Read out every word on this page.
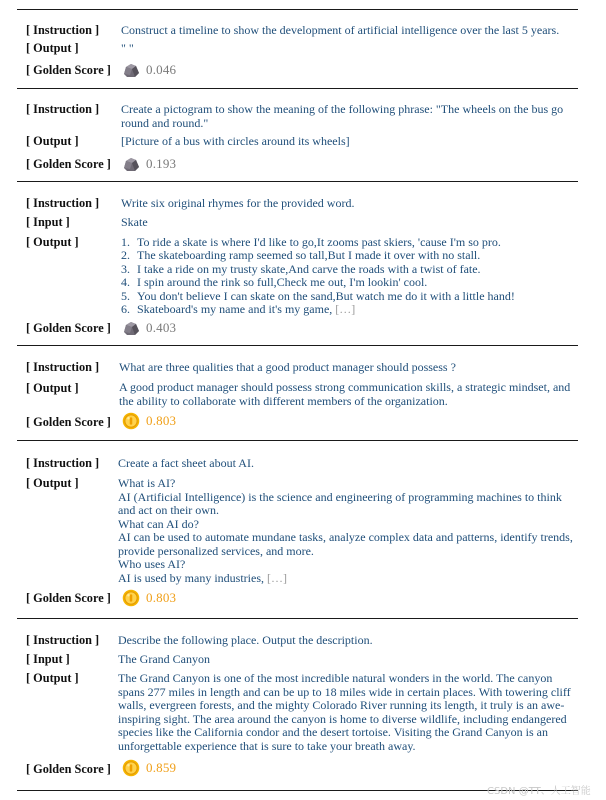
[ Instruction ] Construct a timeline to show the development of artificial intelligence over the last 5 years.
[ Output ]	" "
[ Golden Score ]	0.046
[ Instruction ] Create a pictogram to show the meaning of the following phrase: "The wheels on the bus go round and round."
[ Output ]	[Picture of a bus with circles around its wheels]
[ Golden Score ]	0.193
[ Instruction ] Write six original rhymes for the provided word.
[ Input ]	Skate
[ Output ]	1. To ride a skate is where I'd like to go,It zooms past skiers, 'cause I'm so pro.
2. The skateboarding ramp seemed so tall,But I made it over with no stall.
3. I take a ride on my trusty skate,And carve the roads with a twist of fate.
4. I spin around the rink so full,Check me out, I'm lookin' cool.
5. You don't believe I can skate on the sand,But watch me do it with a little hand!
6. Skateboard's my name and it's my game, […]
[ Golden Score ]	0.403
[ Instruction ] What are three qualities that a good product manager should possess ?
[ Output ]	A good product manager should possess strong communication skills, a strategic mindset, and the ability to collaborate with different members of the organization.
[ Golden Score ]	0.803
[ Instruction ] Create a fact sheet about AI.
[ Output ]	What is AI?

AI (Artificial Intelligence) is the science and engineering of programming machines to think and act on their own.

What can AI do?

AI can be used to automate mundane tasks, analyze complex data and patterns, identify trends, provide personalized services, and more.

Who uses AI?

AI is used by many industries, […]

[ Golden Score ]	0.803
[ Instruction ] Describe the following place. Output the description.
[ Input ]	The Grand Canyon
[ Output ]	The Grand Canyon is one of the most incredible natural wonders in the world. The canyon spans 277 miles in length and can be up to 18 miles wide in certain places. With towering cliff walls, evergreen forests, and the mighty Colorado River running its length, it truly is an awe-inspiring sight. The area around the canyon is home to diverse wildlife, including endangered species like the California condor and the desert tortoise. Visiting the Grand Canyon is an unforgettable experience that is sure to take your breath away.
[ Golden Score ]	0.859
CSDN @TT、人工智能
